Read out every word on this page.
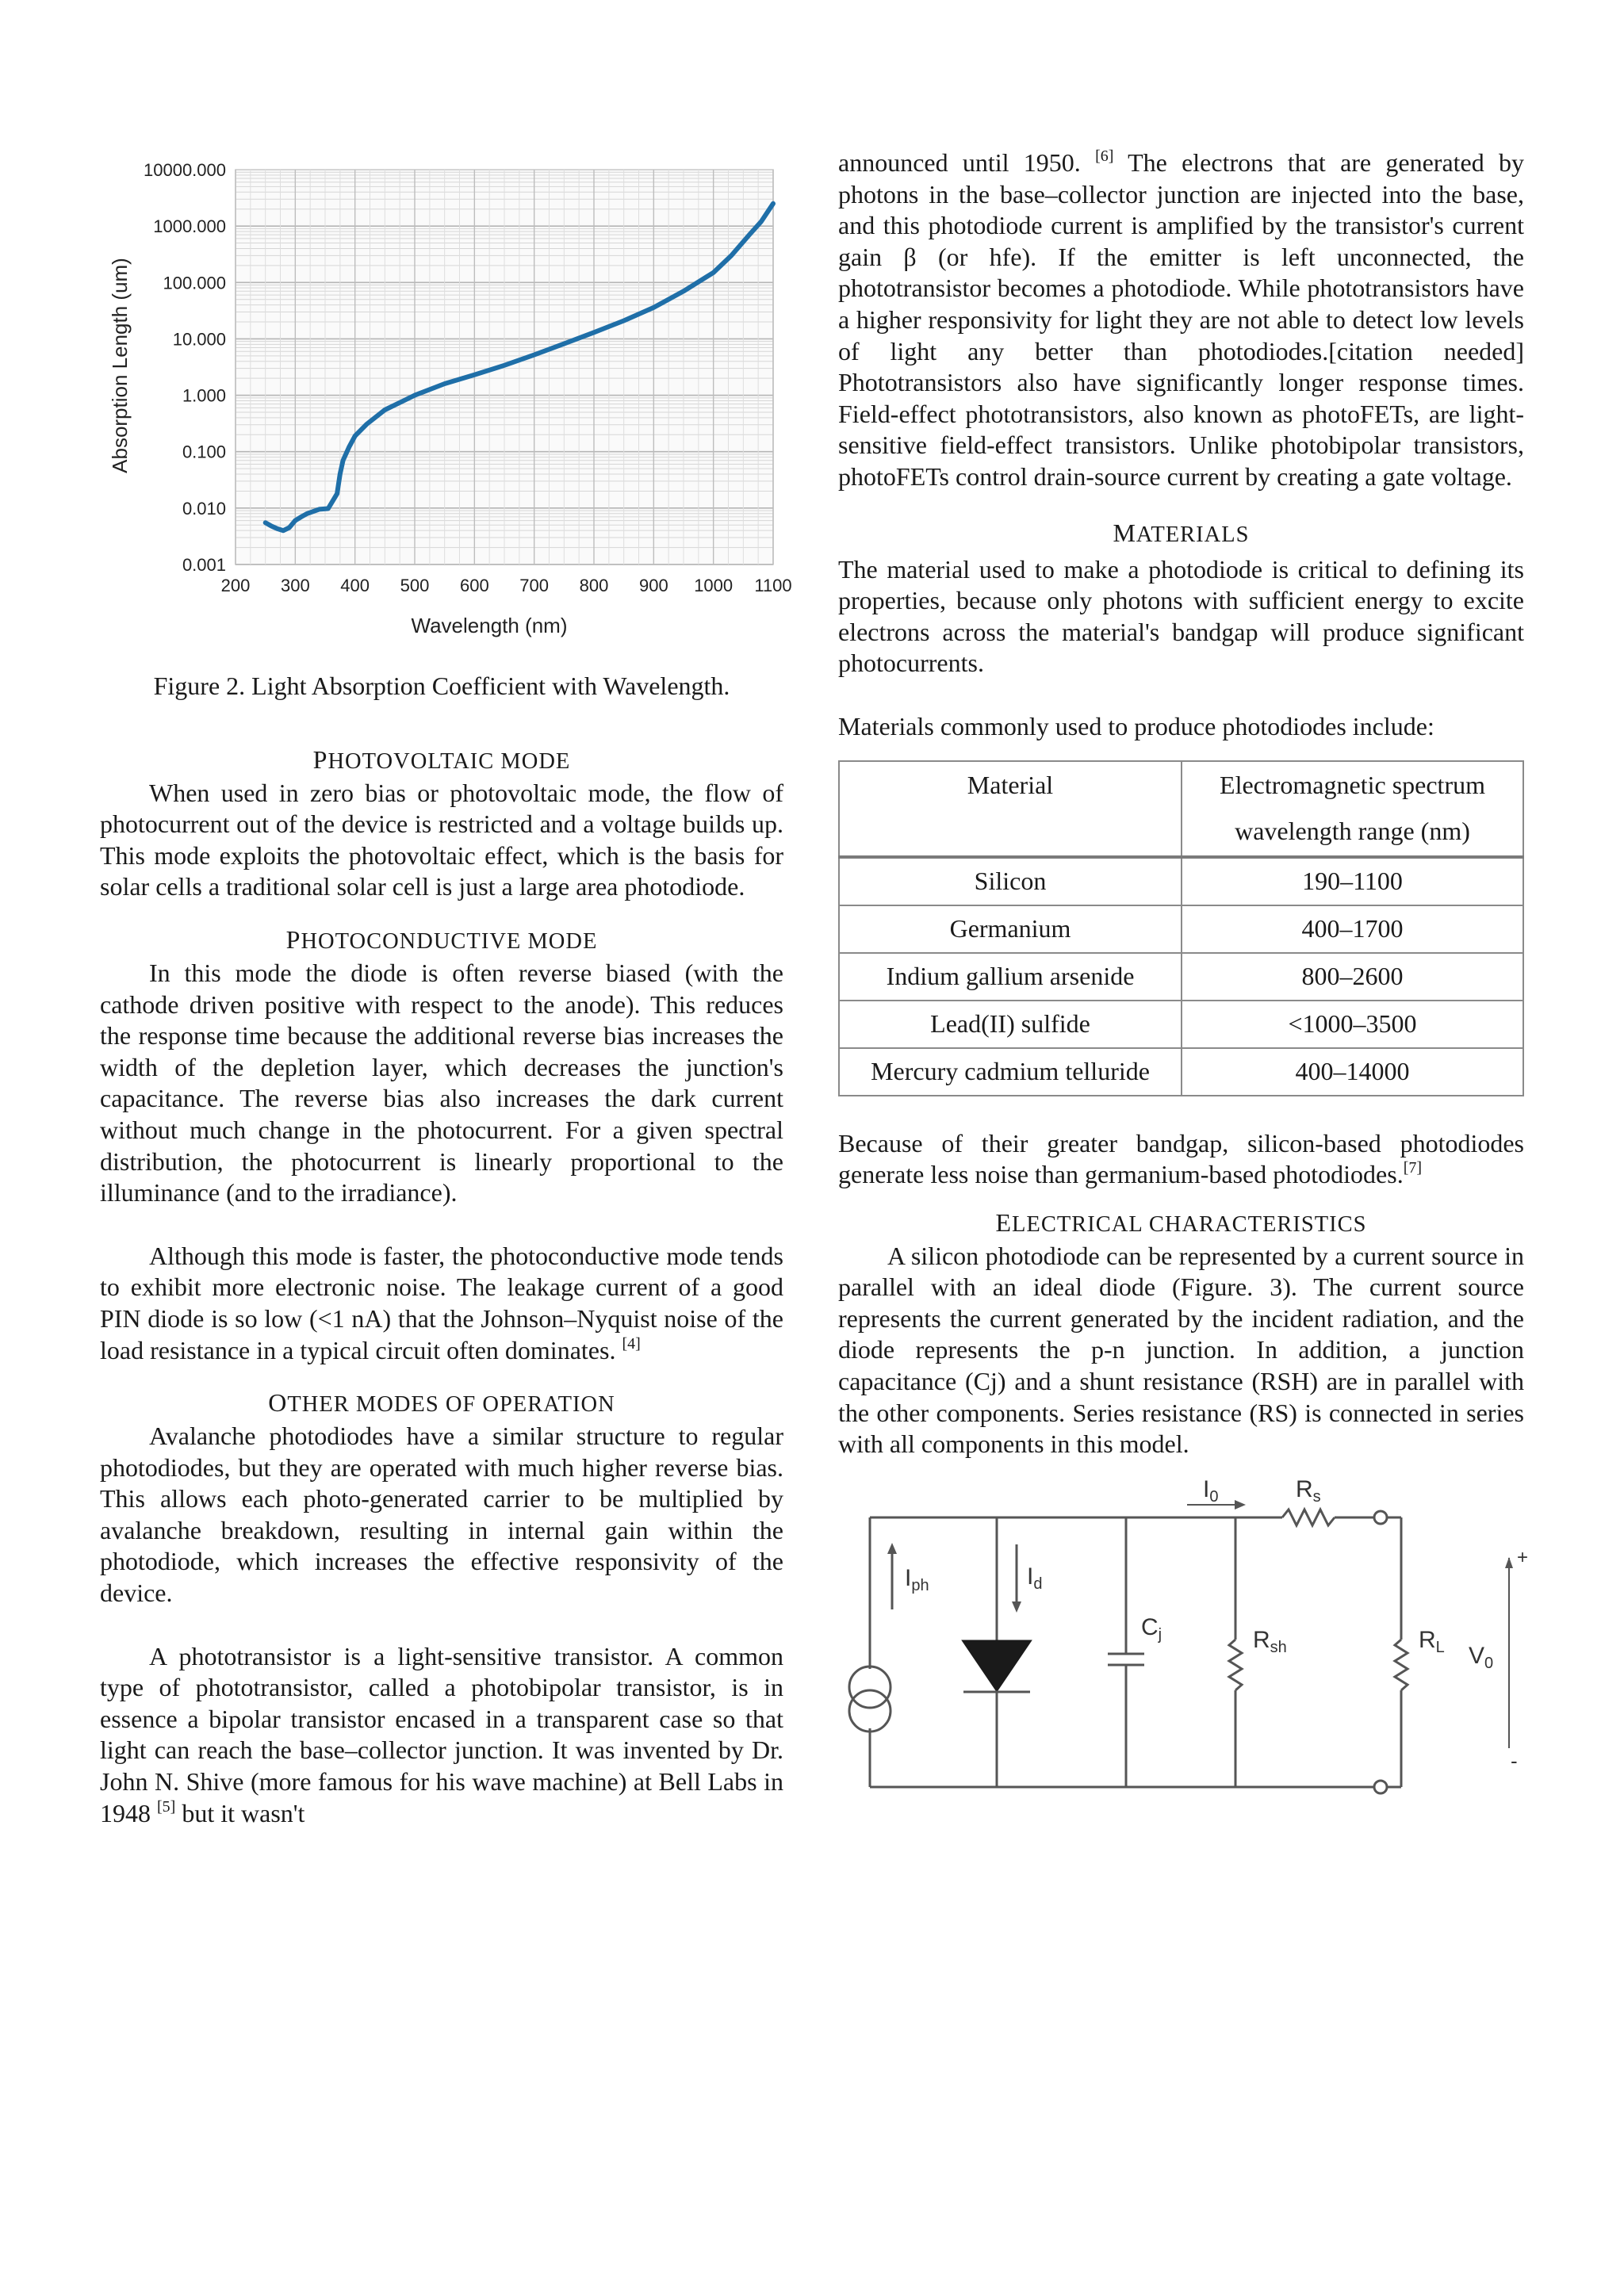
200 300 400 500 600 700 800 900 1000 1100
0.001
0.010
0.100
1.000
10.000
100.000
1000.000
10000.000
Wavelength (nm)
Absorption Length (um)

Figure 2. Light Absorption Coefficient with Wavelength.

PHOTOVOLTAIC MODE

When used in zero bias or photovoltaic mode, the flow of photocurrent out of the device is restricted and a voltage builds up. This mode exploits the photovoltaic effect, which is the basis for solar cells a traditional solar cell is just a large area photodiode.

PHOTOCONDUCTIVE MODE

In this mode the diode is often reverse biased (with the cathode driven positive with respect to the anode). This reduces the response time because the additional reverse bias increases the width of the depletion layer, which decreases the junction's capacitance. The reverse bias also increases the dark current without much change in the photocurrent. For a given spectral distribution, the photocurrent is linearly proportional to the illuminance (and to the irradiance).

Although this mode is faster, the photoconductive mode tends to exhibit more electronic noise. The leakage current of a good PIN diode is so low (<1 nA) that the Johnson–Nyquist noise of the load resistance in a typical circuit often dominates. [4]

OTHER MODES OF OPERATION

Avalanche photodiodes have a similar structure to regular photodiodes, but they are operated with much higher reverse bias. This allows each photo-generated carrier to be multiplied by avalanche breakdown, resulting in internal gain within the photodiode, which increases the effective responsivity of the device.

A phototransistor is a light-sensitive transistor. A common type of phototransistor, called a photobipolar transistor, is in essence a bipolar transistor encased in a transparent case so that light can reach the base–collector junction. It was invented by Dr. John N. Shive (more famous for his wave machine) at Bell Labs in 1948 [5] but it wasn't

announced until 1950. [6] The electrons that are generated by photons in the base–collector junction are injected into the base, and this photodiode current is amplified by the transistor's current gain β (or hfe). If the emitter is left unconnected, the phototransistor becomes a photodiode. While phototransistors have a higher responsivity for light they are not able to detect low levels of light any better than photodiodes.[citation needed] Phototransistors also have significantly longer response times. Field-effect phototransistors, also known as photoFETs, are light-sensitive field-effect transistors. Unlike photobipolar transistors, photoFETs control drain-source current by creating a gate voltage.

MATERIALS

The material used to make a photodiode is critical to defining its properties, because only photons with sufficient energy to excite electrons across the material's bandgap will produce significant photocurrents.

Materials commonly used to produce photodiodes include:

Material	Electromagnetic spectrum
wavelength range (nm)

Silicon	190–1100
Germanium	400–1700
Indium gallium arsenide	800–2600
Lead(II) sulfide	<1000–3500
Mercury cadmium telluride	400–14000

Because of their greater bandgap, silicon-based photodiodes generate less noise than germanium-based photodiodes.[7]

ELECTRICAL CHARACTERISTICS

A silicon photodiode can be represented by a current source in parallel with an ideal diode (Figure. 3). The current source represents the current generated by the incident radiation, and the diode represents the p-n junction. In addition, a junction capacitance (Cj) and a shunt resistance (RSH) are in parallel with the other components. Series resistance (RS) is connected in series with all components in this model.

$I_{ph}$	$I_d$
$C_j$	$R_{sh}$
$R_s$
$I_0$
$R_L$ $V_0$
+
-
